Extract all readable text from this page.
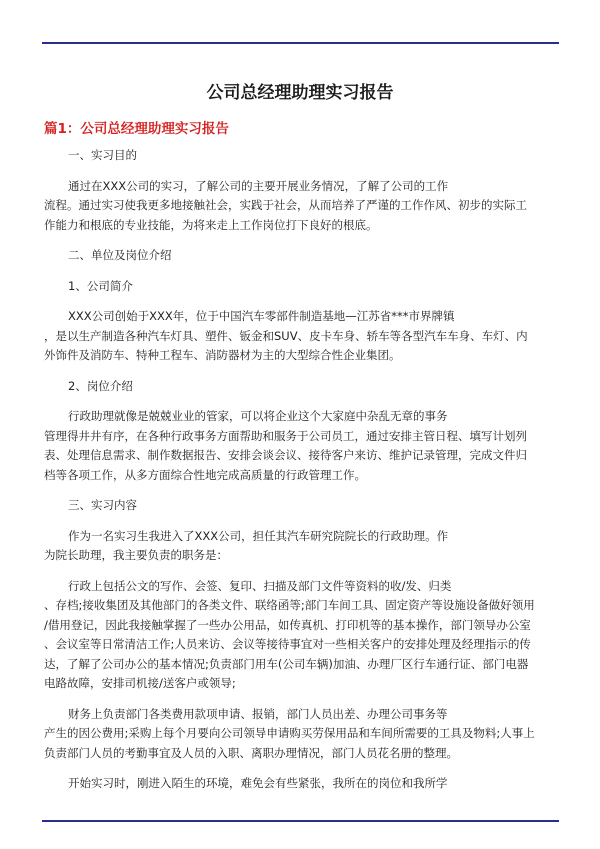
公司总经理助理实习报告
篇1：公司总经理助理实习报告
一、实习目的
通过在XXX公司的实习，了解公司的主要开展业务情况，了解了公司的工作
流程。通过实习使我更多地接触社会，实践于社会，从而培养了严谨的工作作风、初步的实际工
作能力和根底的专业技能，为将来走上工作岗位打下良好的根底。
二、单位及岗位介绍
1、公司简介
XXX公司创始于XXX年，位于中国汽车零部件制造基地—江苏省***市界牌镇
，是以生产制造各种汽车灯具、塑件、钣金和SUV、皮卡车身、轿车等各型汽车车身、车灯、内
外饰件及消防车、特种工程车、消防器材为主的大型综合性企业集团。
2、岗位介绍
行政助理就像是兢兢业业的管家，可以将企业这个大家庭中杂乱无章的事务
管理得井井有序，在各种行政事务方面帮助和服务于公司员工，通过安排主管日程、填写计划列
表、处理信息需求、制作数据报告、安排会谈会议、接待客户来访、维护记录管理，完成文件归
档等各项工作，从多方面综合性地完成高质量的行政管理工作。
三、实习内容
作为一名实习生我进入了XXX公司，担任其汽车研究院院长的行政助理。作
为院长助理，我主要负责的职务是：
行政上包括公文的写作、会签、复印、扫描及部门文件等资料的收/发、归类
、存档;接收集团及其他部门的各类文件、联络函等;部门车间工具、固定资产等设施设备做好领用
/借用登记，因此我接触掌握了一些办公用品，如传真机、打印机等的基本操作，部门领导办公室
、会议室等日常清洁工作;人员来访、会议等接待事宜对一些相关客户的安排处理及经理指示的传
达，了解了公司办公的基本情况;负责部门用车(公司车辆)加油、办理厂区行车通行证、部门电器
电路故障，安排司机接/送客户或领导;
财务上负责部门各类费用款项申请、报销，部门人员出差、办理公司事务等
产生的因公费用;采购上每个月要向公司领导申请购买劳保用品和车间所需要的工具及物料;人事上
负责部门人员的考勤事宜及人员的入职、离职办理情况，部门人员花名册的整理。
开始实习时，刚进入陌生的环境，难免会有些紧张，我所在的岗位和我所学
